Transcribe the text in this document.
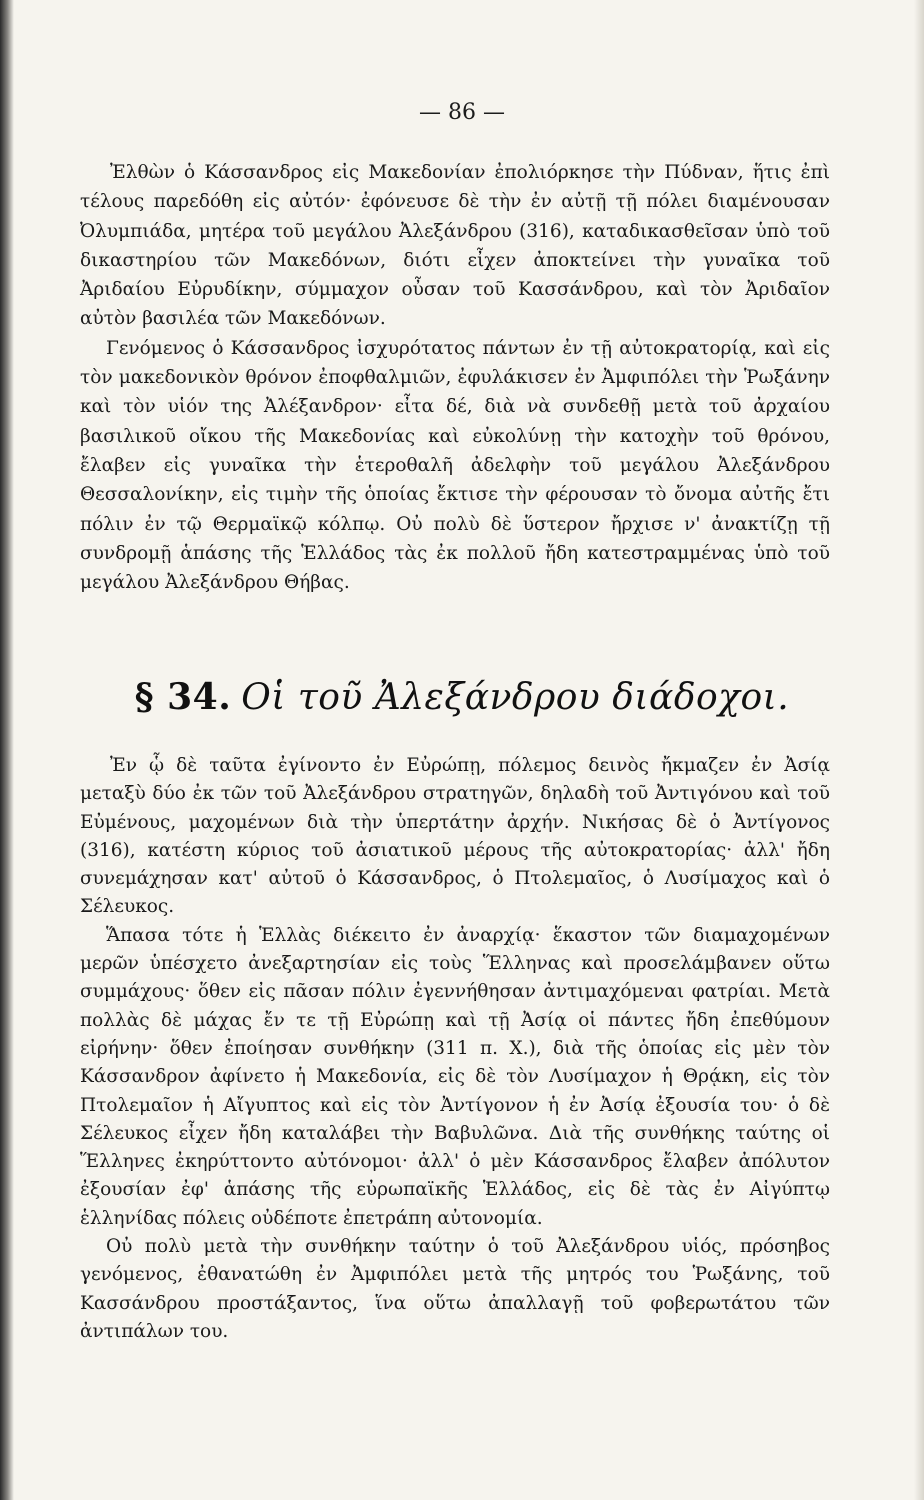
— 86 —

Ἐλθὼν ὁ Κάσσανδρος εἰς Μακεδονίαν ἐπολιόρκησε τὴν Πύδναν, ἥτις ἐπὶ τέλους παρεδόθη εἰς αὐτόν· ἐφόνευσε δὲ τὴν ἐν αὐτῇ τῇ πόλει διαμένουσαν Ὀλυμπιάδα, μητέρα τοῦ μεγάλου Ἀλεξάνδρου (316), καταδικασθεῖσαν ὑπὸ τοῦ δικαστηρίου τῶν Μακεδόνων, διότι εἶχεν ἀποκτείνει τὴν γυναῖκα τοῦ Ἀριδαίου Εὐρυδίκην, σύμμαχον οὖσαν τοῦ Κασσάνδρου, καὶ τὸν Ἀριδαῖον αὐτὸν βασιλέα τῶν Μακεδόνων.

Γενόμενος ὁ Κάσσανδρος ἰσχυρότατος πάντων ἐν τῇ αὐτοκρατορίᾳ, καὶ εἰς τὸν μακεδονικὸν θρόνον ἐποφθαλμιῶν, ἐφυλάκισεν ἐν Ἀμφιπόλει τὴν Ῥωξάνην καὶ τὸν υἱόν της Ἀλέξανδρον· εἶτα δέ, διὰ νὰ συνδεθῇ μετὰ τοῦ ἀρχαίου βασιλικοῦ οἴκου τῆς Μακεδονίας καὶ εὐκολύνῃ τὴν κατοχὴν τοῦ θρόνου, ἔλαβεν εἰς γυναῖκα τὴν ἑτεροθαλῆ ἀδελφὴν τοῦ μεγάλου Ἀλεξάνδρου Θεσσαλονίκην, εἰς τιμὴν τῆς ὁποίας ἔκτισε τὴν φέρουσαν τὸ ὄνομα αὐτῆς ἔτι πόλιν ἐν τῷ Θερμαϊκῷ κόλπῳ. Οὐ πολὺ δὲ ὕστερον ἤρχισε ν' ἀνακτίζῃ τῇ συνδρομῇ ἁπάσης τῆς Ἑλλάδος τὰς ἐκ πολλοῦ ἤδη κατεστραμμένας ὑπὸ τοῦ μεγάλου Ἀλεξάνδρου Θήβας.

§ 34. Οἱ τοῦ Ἀλεξάνδρου διάδοχοι.

Ἐν ᾧ δὲ ταῦτα ἐγίνοντο ἐν Εὐρώπῃ, πόλεμος δεινὸς ἤκμαζεν ἐν Ἀσίᾳ μεταξὺ δύο ἐκ τῶν τοῦ Ἀλεξάνδρου στρατηγῶν, δηλαδὴ τοῦ Ἀντιγόνου καὶ τοῦ Εὐμένους, μαχομένων διὰ τὴν ὑπερτάτην ἀρχήν. Νικήσας δὲ ὁ Ἀντίγονος (316), κατέστη κύριος τοῦ ἀσιατικοῦ μέρους τῆς αὐτοκρατορίας· ἀλλ' ἤδη συνεμάχησαν κατ' αὐτοῦ ὁ Κάσσανδρος, ὁ Πτολεμαῖος, ὁ Λυσίμαχος καὶ ὁ Σέλευκος.

Ἅπασα τότε ἡ Ἑλλὰς διέκειτο ἐν ἀναρχίᾳ· ἕκαστον τῶν διαμαχομένων μερῶν ὑπέσχετο ἀνεξαρτησίαν εἰς τοὺς Ἕλληνας καὶ προσελάμβανεν οὕτω συμμάχους· ὅθεν εἰς πᾶσαν πόλιν ἐγεννήθησαν ἀντιμαχόμεναι φατρίαι. Μετὰ πολλὰς δὲ μάχας ἔν τε τῇ Εὐρώπῃ καὶ τῇ Ἀσίᾳ οἱ πάντες ἤδη ἐπεθύμουν εἰρήνην· ὅθεν ἐποίησαν συνθήκην (311 π. Χ.), διὰ τῆς ὁποίας εἰς μὲν τὸν Κάσσανδρον ἀφίνετο ἡ Μακεδονία, εἰς δὲ τὸν Λυσίμαχον ἡ Θρᾴκη, εἰς τὸν Πτολεμαῖον ἡ Αἴγυπτος καὶ εἰς τὸν Ἀντίγονον ἡ ἐν Ἀσίᾳ ἐξουσία του· ὁ δὲ Σέλευκος εἶχεν ἤδη καταλάβει τὴν Βαβυλῶνα. Διὰ τῆς συνθήκης ταύτης οἱ Ἕλληνες ἐκηρύττοντο αὐτόνομοι· ἀλλ' ὁ μὲν Κάσσανδρος ἔλαβεν ἀπόλυτον ἐξουσίαν ἐφ' ἁπάσης τῆς εὐρωπαϊκῆς Ἑλλάδος, εἰς δὲ τὰς ἐν Αἰγύπτῳ ἑλληνίδας πόλεις οὐδέποτε ἐπετράπη αὐτονομία.

Οὐ πολὺ μετὰ τὴν συνθήκην ταύτην ὁ τοῦ Ἀλεξάνδρου υἱός, πρόσηβος γενόμενος, ἐθανατώθη ἐν Ἀμφιπόλει μετὰ τῆς μητρός του Ῥωξάνης, τοῦ Κασσάνδρου προστάξαντος, ἵνα οὕτω ἀπαλλαγῇ τοῦ φοβερωτάτου τῶν ἀντιπάλων του.
